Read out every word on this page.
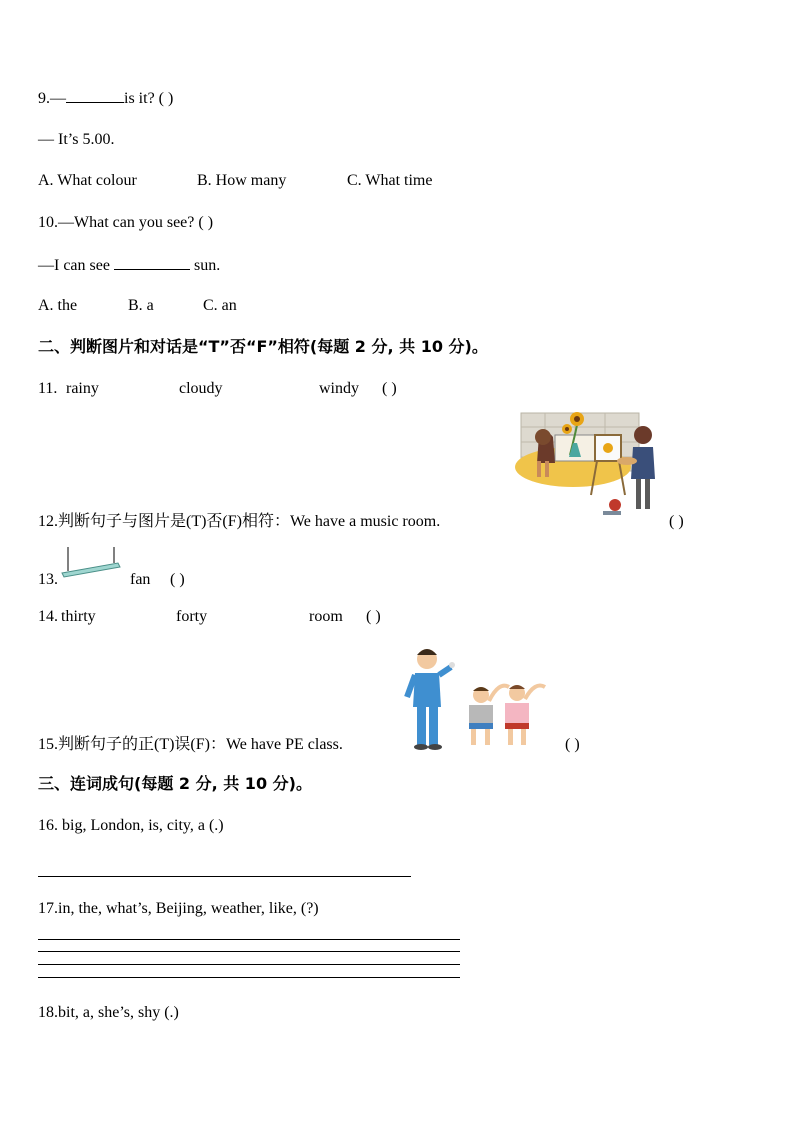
9.—	is it? ( )
— It’s 5.00.
A. What colour	B. How many	C. What time
10.—What can you see? ( )
—I can see	sun.
A. the	B. a	C. an
二、判断图片和对话是“T”否“F”相符(每题 2 分, 共 10 分)。
11. rainy	cloudy	windy ( )
12.判断句子与图片是(T)否(F)相符：We have a music room.	( )
13.	fan ( )
14. thirty	forty	room ( )
15.判断句子的正(T)误(F)：We have PE class.	( )
三、连词成句(每题 2 分, 共 10 分)。
16. big, London, is, city, a (.)
17.in, the, what’s, Beijing, weather, like, (?)
18.bit, a, she’s, shy (.)
